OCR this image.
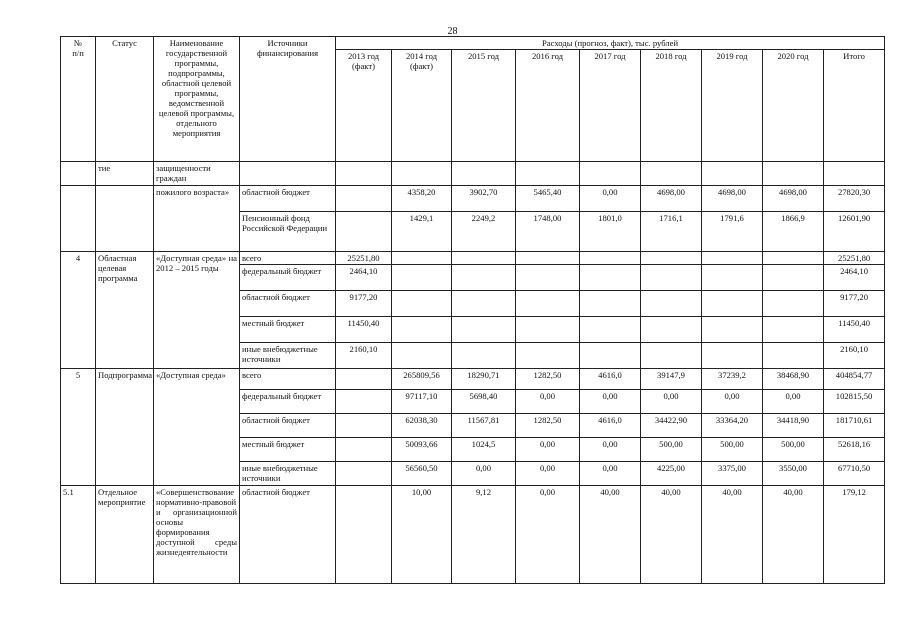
28
№
п/п	Статус	Наименование государственной программы, подпрограммы, областной целевой программы, ведомственной целевой программы, отдельного мероприятия	Источники финансирования	Расходы (прогноз, факт), тыс. рублей								
				2013 год (факт)	2014 год (факт)	2015 год	2016 год	2017 год	2018 год	2019 год	2020 год	Итого
	тие	защищенности граждан										
		пожилого возраста»	областной бюджет		4358,20	3902,70	5465,40	0,00	4698,00	4698,00	4698,00	27820,30
			Пенсионный фонд Российской Федерации		1429,1	2249,2	1748,00	1801,0	1716,1	1791,6	1866,9	12601,90
4	Областная целевая программа	«Доступная среда» на 2012 – 2015 годы	всего	25251,80								25251,80
			федеральный бюджет	2464,10								2464,10
			областной бюджет	9177,20								9177,20
			местный бюджет	11450,40								11450,40
			иные внебюджетные источники	2160,10								2160,10
5	Подпрограмма	«Доступная среда»	всего		265809,56	18290,71	1282,50	4616,0	39147,9	37239,2	38468,90	404854,77
			федеральный бюджет		97117,10	5698,40	0,00	0,00	0,00	0,00	0,00	102815,50
			областной бюджет		62038,30	11567,81	1282,50	4616,0	34422,90	33364,20	34418,90	181710,61
			местный бюджет		50093,66	1024,5	0,00	0,00	500,00	500,00	500,00	52618,16
			иные внебюджетные источники		56560,50	0,00	0,00	0,00	4225,00	3375,00	3550,00	67710,50
5.1	Отдельное мероприятие	«Совершенствование нормативно-правовой и организационной основы формирования доступной среды жизнедеятельности	областной бюджет		10,00	9,12	0,00	40,00	40,00	40,00	40,00	179,12
